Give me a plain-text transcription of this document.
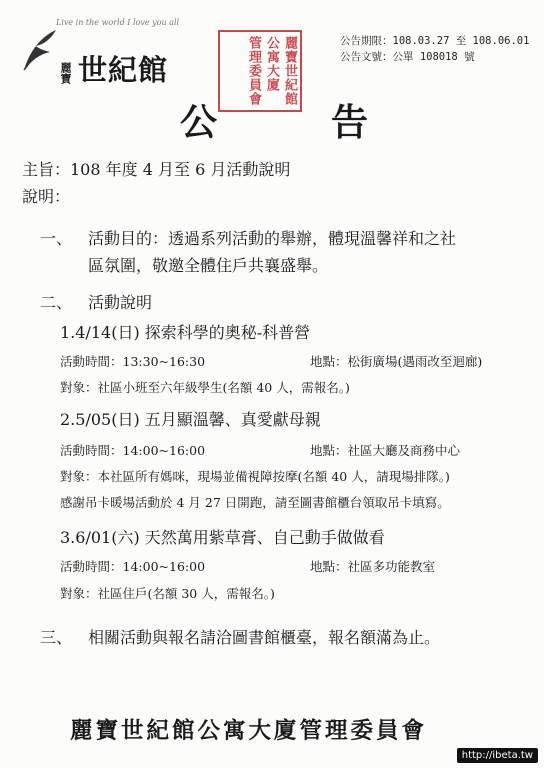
Live in the world I love you all
麗寶 世紀館	麗寶世紀館
公寓大廈
管理委員會	公告期限：108.03.27 至 108.06.01
公告文號：公單 108018 號
公	告
主旨：108 年度 4 月至 6 月活動說明
說明：
一、 活動目的：透過系列活動的舉辦，體現溫馨祥和之社
區氛圍，敬邀全體住戶共襄盛舉。
二、 活動說明
1.4/14(日) 探索科學的奧秘-科普營
活動時間：13:30~16:30	地點：松街廣場(遇雨改至迴廊)
對象：社區小班至六年級學生(名額 40 人，需報名。)
2.5/05(日) 五月顯溫馨、真愛獻母親
活動時間：14:00~16:00	地點：社區大廳及商務中心
對象：本社區所有媽咪，現場並備視障按摩(名額 40 人，請現場排隊。)
感謝吊卡暖場活動於 4 月 27 日開跑，請至圖書館櫃台領取吊卡填寫。
3.6/01(六) 天然萬用紫草膏、自己動手做做看
活動時間：14:00~16:00	地點：社區多功能教室
對象：社區住戶(名額 30 人，需報名。)
三、 相關活動與報名請洽圖書館櫃臺，報名額滿為止。
麗寶世紀館公寓大廈管理委員會
http://ibeta.tw
